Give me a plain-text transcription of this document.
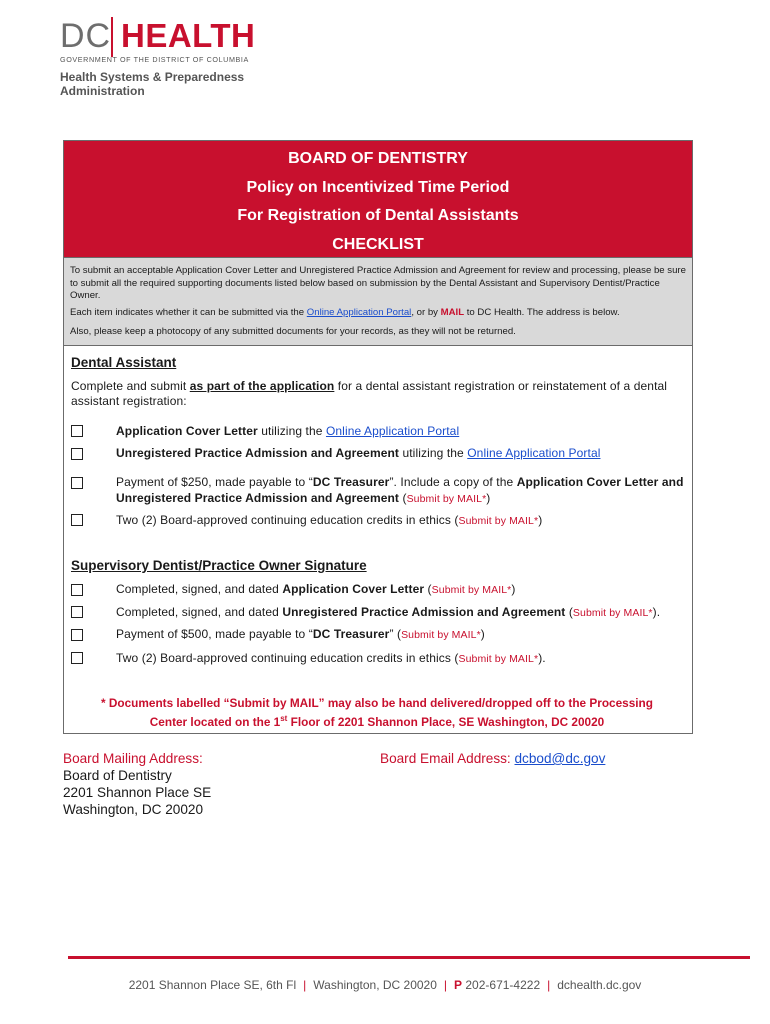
DC HEALTH
GOVERNMENT OF THE DISTRICT OF COLUMBIA
Health Systems & Preparedness Administration
BOARD OF DENTISTRY
Policy on Incentivized Time Period
For Registration of Dental Assistants
CHECKLIST

To submit an acceptable Application Cover Letter and Unregistered Practice Admission and Agreement for review and processing, please be sure to submit all the required supporting documents listed below based on submission by the Dental Assistant and Supervisory Dentist/Practice Owner.

Each item indicates whether it can be submitted via the Online Application Portal, or by MAIL to DC Health. The address is below.

Also, please keep a photocopy of any submitted documents for your records, as they will not be returned.

Dental Assistant
Complete and submit as part of the application for a dental assistant registration or reinstatement of a dental assistant registration:
Application Cover Letter utilizing the Online Application Portal
Unregistered Practice Admission and Agreement utilizing the Online Application Portal
Payment of $250, made payable to “DC Treasurer”. Include a copy of the Application Cover Letter and Unregistered Practice Admission and Agreement (Submit by MAIL*)
Two (2) Board-approved continuing education credits in ethics (Submit by MAIL*)
Supervisory Dentist/Practice Owner Signature
Completed, signed, and dated Application Cover Letter (Submit by MAIL*)
Completed, signed, and dated Unregistered Practice Admission and Agreement (Submit by MAIL*).
Payment of $500, made payable to “DC Treasurer” (Submit by MAIL*)
Two (2) Board-approved continuing education credits in ethics (Submit by MAIL*).
* Documents labelled “Submit by MAIL” may also be hand delivered/dropped off to the Processing
Center located on the 1st Floor of 2201 Shannon Place, SE Washington, DC 20020
Board Mailing Address:
Board of Dentistry
2201 Shannon Place SE
Washington, DC 20020
Board Email Address: dcbod@dc.gov
2201 Shannon Place SE, 6th Fl | Washington, DC 20020 | P 202-671-4222 | dchealth.dc.gov
